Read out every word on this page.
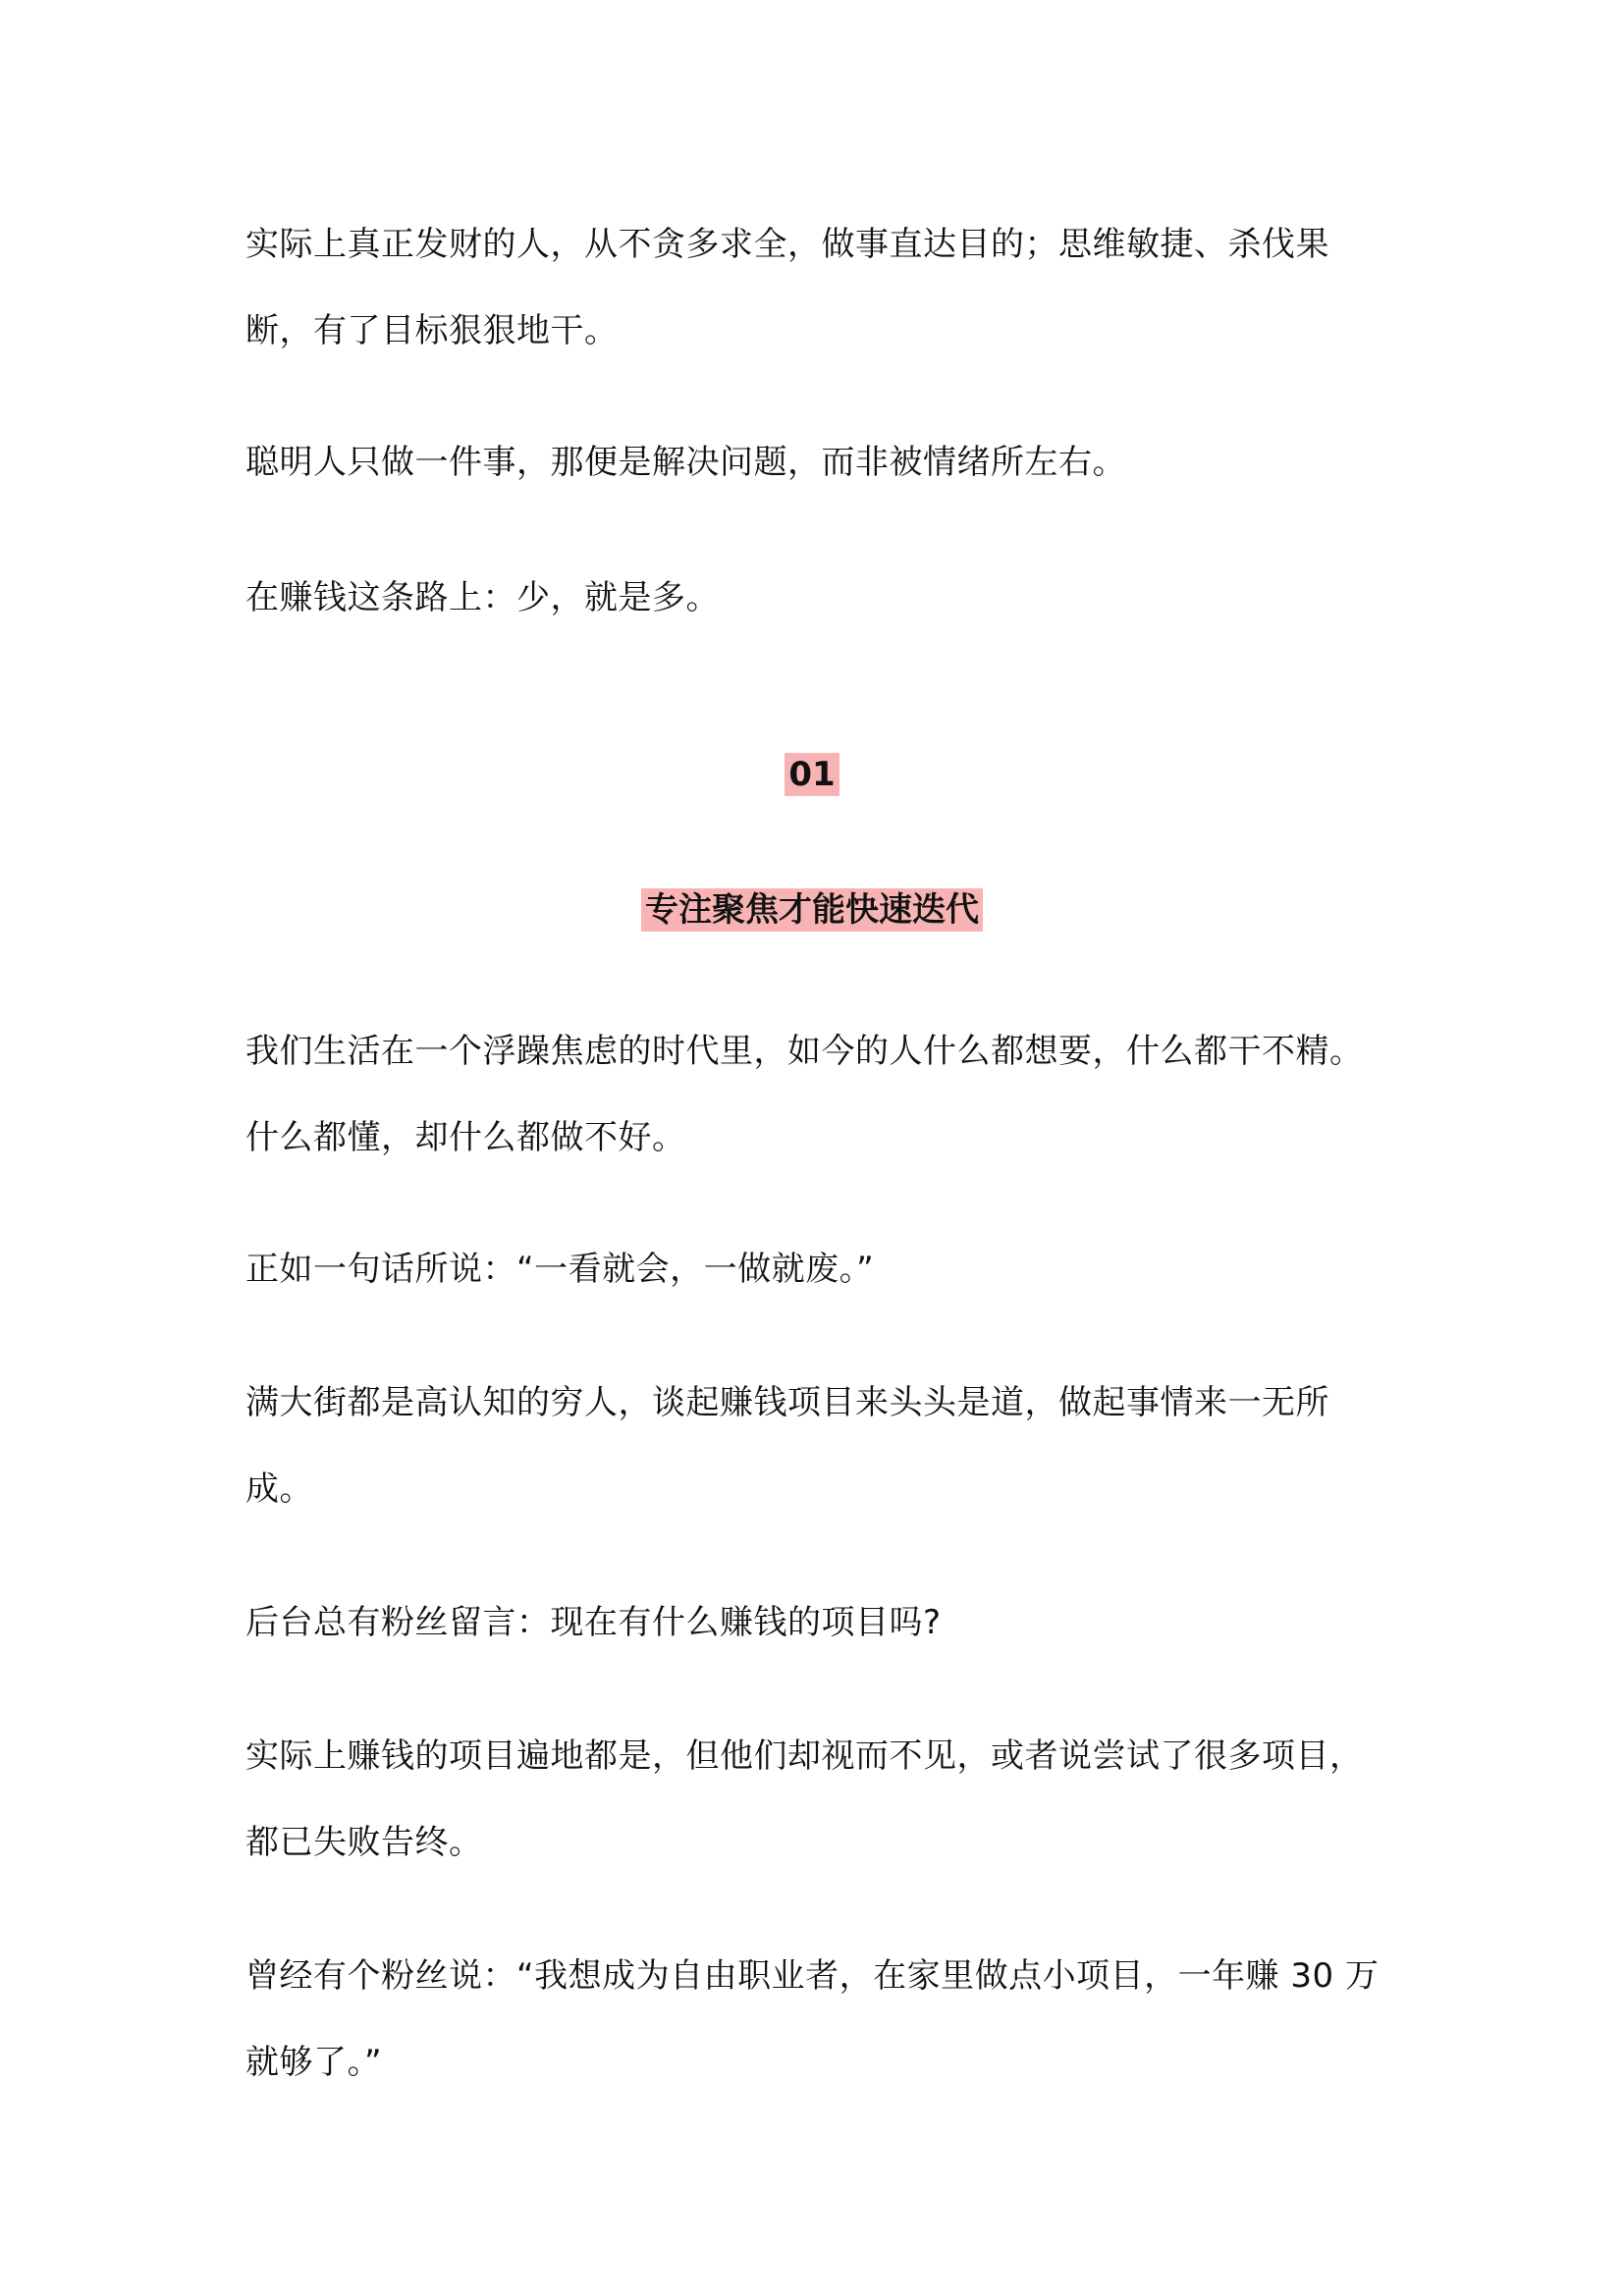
实际上真正发财的人，从不贪多求全，做事直达目的；思维敏捷、杀伐果断，有了目标狠狠地干。

聪明人只做一件事，那便是解决问题，而非被情绪所左右。

在赚钱这条路上：少，就是多。

01
专注聚焦才能快速迭代

我们生活在一个浮躁焦虑的时代里，如今的人什么都想要，什么都干不精。什么都懂，却什么都做不好。

正如一句话所说：“一看就会，一做就废。”

满大街都是高认知的穷人，谈起赚钱项目来头头是道，做起事情来一无所成。

后台总有粉丝留言：现在有什么赚钱的项目吗?

实际上赚钱的项目遍地都是，但他们却视而不见，或者说尝试了很多项目，都已失败告终。

曾经有个粉丝说：“我想成为自由职业者，在家里做点小项目，一年赚 30 万就够了。”
